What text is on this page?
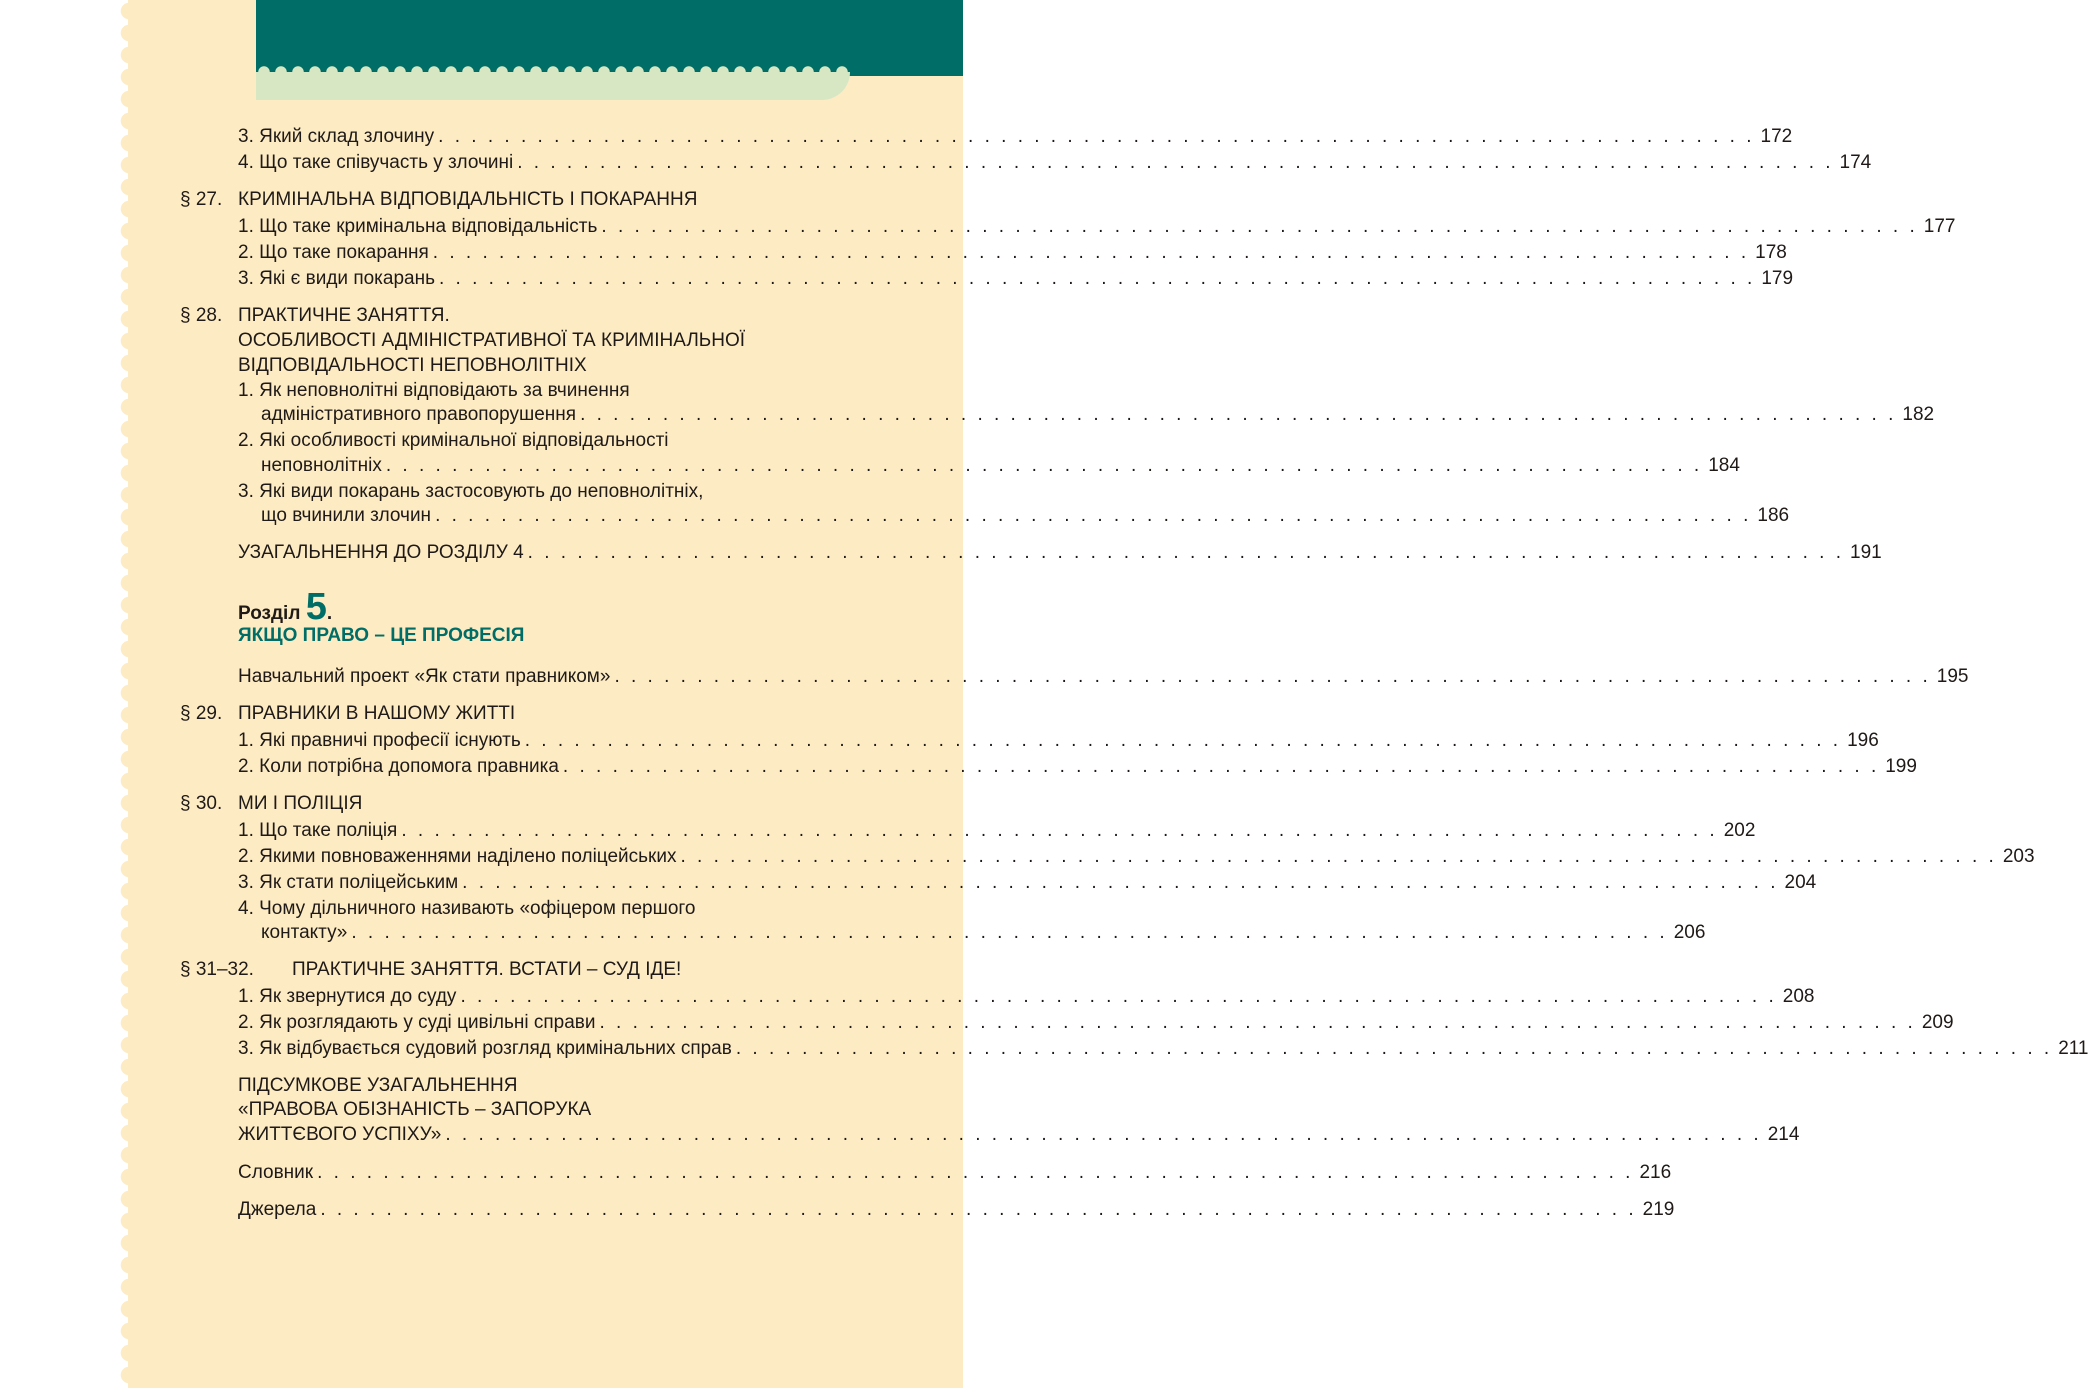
3. Який склад злочину . . . . . . . . . . . . . . . . . . . . . . . . . . . . . . . . . . . . . . . . . . . . . . . . . . . . . . . . . . . . . . . . . . . . . . . . . . . . . . . . 172
4. Що таке співучасть у злочині . . . . . . . . . . . . . . . . . . . . . . . . . . . . . . . . . . . . . . . . . . . . . . . . . . . . . . . . . . . . . . . . . . . . . . . . . . . . . . . . 174
§ 27. КРИМІНАЛЬНА ВІДПОВІДАЛЬНІСТЬ І ПОКАРАННЯ
1. Що таке кримінальна відповідальність . . . . . . . . . . . . . . . . . . . . . . . . . . . . . . . . . . . . . . . . . . . . . . . . . . . . . . . . . . . . . . . . . . . . . . . . . . . . . . . . 177
2. Що таке покарання . . . . . . . . . . . . . . . . . . . . . . . . . . . . . . . . . . . . . . . . . . . . . . . . . . . . . . . . . . . . . . . . . . . . . . . . . . . . . . . . 178
3. Які є види покарань . . . . . . . . . . . . . . . . . . . . . . . . . . . . . . . . . . . . . . . . . . . . . . . . . . . . . . . . . . . . . . . . . . . . . . . . . . . . . . . . 179
§ 28. ПРАКТИЧНЕ ЗАНЯТТЯ.
ОСОБЛИВОСТІ АДМІНІСТРАТИВНОЇ ТА КРИМІНАЛЬНОЇ
ВІДПОВІДАЛЬНОСТІ НЕПОВНОЛІТНІХ
1. Як неповнолітні відповідають за вчинення
адміністративного правопорушення . . . . . . . . . . . . . . . . . . . . . . . . . . . . . . . . . . . . . . . . . . . . . . . . . . . . . . . . . . . . . . . . . . . . . . . . . . . . . . . . 182
2. Які особливості кримінальної відповідальності
неповнолітніх . . . . . . . . . . . . . . . . . . . . . . . . . . . . . . . . . . . . . . . . . . . . . . . . . . . . . . . . . . . . . . . . . . . . . . . . . . . . . . . . 184
3. Які види покарань застосовують до неповнолітніх,
що вчинили злочин . . . . . . . . . . . . . . . . . . . . . . . . . . . . . . . . . . . . . . . . . . . . . . . . . . . . . . . . . . . . . . . . . . . . . . . . . . . . . . . . 186
УЗАГАЛЬНЕННЯ ДО РОЗДІЛУ 4 . . . . . . . . . . . . . . . . . . . . . . . . . . . . . . . . . . . . . . . . . . . . . . . . . . . . . . . . . . . . . . . . . . . . . . . . . . . . . . . . 191
Навчальний проект «Як стати правником» . . . . . . . . . . . . . . . . . . . . . . . . . . . . . . . . . . . . . . . . . . . . . . . . . . . . . . . . . . . . . . . . . . . . . . . . . . . . . . . . 195
§ 29. ПРАВНИКИ В НАШОМУ ЖИТТІ
1. Які правничі професії існують . . . . . . . . . . . . . . . . . . . . . . . . . . . . . . . . . . . . . . . . . . . . . . . . . . . . . . . . . . . . . . . . . . . . . . . . . . . . . . . . 196
2. Коли потрібна допомога правника . . . . . . . . . . . . . . . . . . . . . . . . . . . . . . . . . . . . . . . . . . . . . . . . . . . . . . . . . . . . . . . . . . . . . . . . . . . . . . . . 199
§ 30. МИ І ПОЛІЦІЯ
1. Що таке поліція . . . . . . . . . . . . . . . . . . . . . . . . . . . . . . . . . . . . . . . . . . . . . . . . . . . . . . . . . . . . . . . . . . . . . . . . . . . . . . . . 202
2. Якими повноваженнями наділено поліцейських . . . . . . . . . . . . . . . . . . . . . . . . . . . . . . . . . . . . . . . . . . . . . . . . . . . . . . . . . . . . . . . . . . . . . . . . . . . . . . . . 203
3. Як стати поліцейським . . . . . . . . . . . . . . . . . . . . . . . . . . . . . . . . . . . . . . . . . . . . . . . . . . . . . . . . . . . . . . . . . . . . . . . . . . . . . . . . 204
4. Чому дільничного називають «офіцером першого
контакту» . . . . . . . . . . . . . . . . . . . . . . . . . . . . . . . . . . . . . . . . . . . . . . . . . . . . . . . . . . . . . . . . . . . . . . . . . . . . . . . . 206
§ 31–32. ПРАКТИЧНЕ ЗАНЯТТЯ. ВСТАТИ – СУД ІДЕ!
1. Як звернутися до суду . . . . . . . . . . . . . . . . . . . . . . . . . . . . . . . . . . . . . . . . . . . . . . . . . . . . . . . . . . . . . . . . . . . . . . . . . . . . . . . . 208
2. Як розглядають у суді цивільні справи . . . . . . . . . . . . . . . . . . . . . . . . . . . . . . . . . . . . . . . . . . . . . . . . . . . . . . . . . . . . . . . . . . . . . . . . . . . . . . . . 209
3. Як відбувається судовий розгляд кримінальних справ . . . . . . . . . . . . . . . . . . . . . . . . . . . . . . . . . . . . . . . . . . . . . . . . . . . . . . . . . . . . . . . . . . . . . . . . . . . . . . . . 211
ПІДСУМКОВЕ УЗАГАЛЬНЕННЯ
«ПРАВОВА ОБІЗНАНІСТЬ – ЗАПОРУКА
ЖИТТЄВОГО УСПІХУ» . . . . . . . . . . . . . . . . . . . . . . . . . . . . . . . . . . . . . . . . . . . . . . . . . . . . . . . . . . . . . . . . . . . . . . . . . . . . . . . . 214
Словник . . . . . . . . . . . . . . . . . . . . . . . . . . . . . . . . . . . . . . . . . . . . . . . . . . . . . . . . . . . . . . . . . . . . . . . . . . . . . . . . 216
Джерела . . . . . . . . . . . . . . . . . . . . . . . . . . . . . . . . . . . . . . . . . . . . . . . . . . . . . . . . . . . . . . . . . . . . . . . . . . . . . . . . 219
Розділ 5.
ЯКЩО ПРАВО – ЦЕ ПРОФЕСІЯ
